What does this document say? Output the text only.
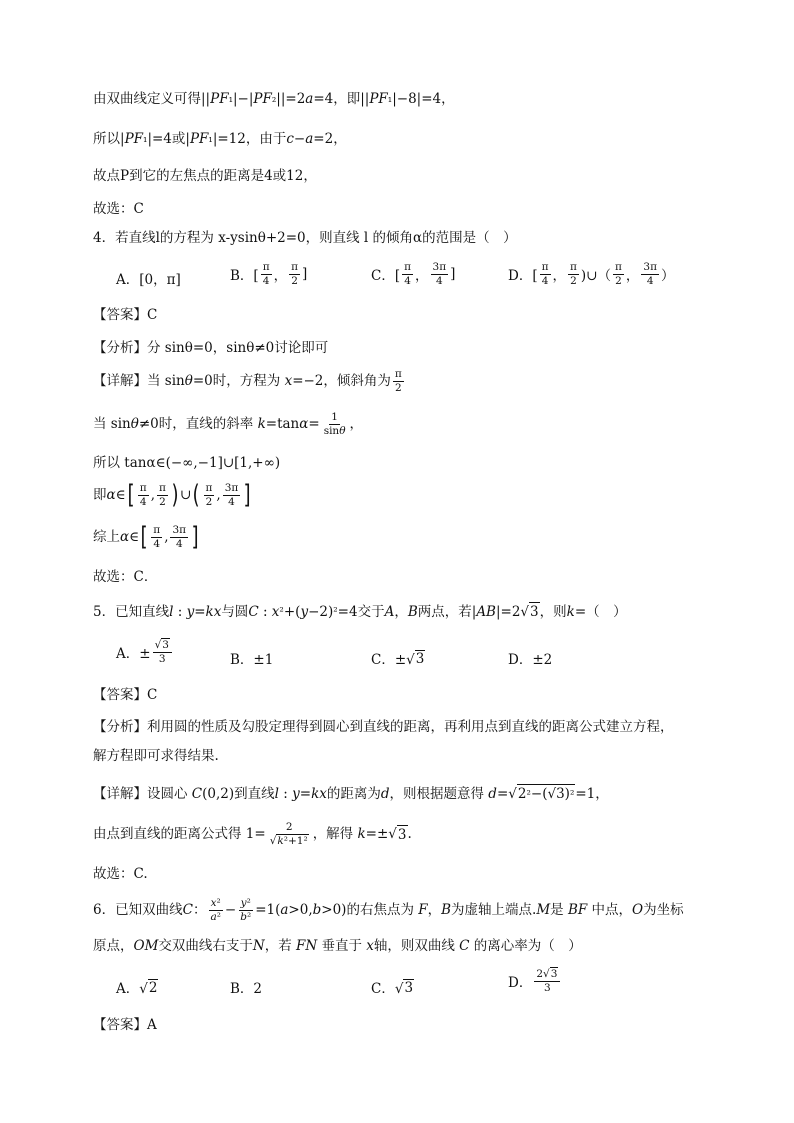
由双曲线定义可得|| PF ₁ |−| PF ₂ ||=2 a =4，即|| PF ₁ |−8|=4，
所以| PF ₁ |=4或| PF ₁ |=12，由于 c − a =2，
故点P到它的左焦点的距离是4或12，
故选：C
4．若直线l的方程为 x-ysinθ+2=0，则直线 l 的倾角α的范围是（　）
A．[0，π]	B．[ $\frac{\pi}{4}$ ， $\frac{\pi}{2}$ ]	C．[ $\frac{\pi}{4}$ ， $\frac{3\pi}{4}$ ]	D．[ $\frac{\pi}{4}$ ， $\frac{\pi}{2}$ )∪（ $\frac{\pi}{2}$ ， $\frac{3\pi}{4}$ ）
【答案】C
【分析】分 sinθ=0，sinθ≠0讨论即可
【详解】当 sin θ =0时，方程为 x =−2，倾斜角为 $\frac{\pi}{2}$
当 sin θ ≠0时，直线的斜率 k =tan $\alpha = \frac{1}{\sin\theta}$ ，
所以 tanα∈(−∞,−1]∪[1,+∞)
即 α ∈ [ $\frac{\pi}{4}$ , $\frac{\pi}{2}$ ) ∪ ( $\frac{\pi}{2}$ , $\frac{3\pi}{4}$ ]
综上 α ∈ [ $\frac{\pi}{4}$ , $\frac{3\pi}{4}$ ]
故选：C．
5．已知直线 l : y = kx 与圆 C : x ² +( y −2) ² =4交于 A ， B 两点，若| AB |=2√ 3 ，则 k =（　）
A．± $\frac{√3}{3}$	B．±1	C．±√ 3	D．±2
【答案】C
【分析】利用圆的性质及勾股定理得到圆心到直线的距离，再利用点到直线的距离公式建立方程，
解方程即可求得结果.
【详解】设圆心 C (0,2)到直线 l : y = kx 的距离为 d ，则根据题意得 d =√ 2²−(√3)² =1，
由点到直线的距离公式得 $1= \frac{2}{\text{√k²+1²}}$ ，解得 k =±√ 3 .
故选：C.
6．已知双曲线 C ： $\frac{\text{x²}}{\text{a²}} - \frac{\text{y²}}{\text{b²}} =1$( a >0, b >0)的右焦点为 F ， B 为虚轴上端点. M 是 BF 中点， O 为坐标
原点， OM 交双曲线右支于 N ，若 FN 垂直于 x 轴，则双曲线 C 的离心率为（　）
A．√ 2	B．2	C．√ 3	D． $\frac{2√3}{3}$
【答案】A
